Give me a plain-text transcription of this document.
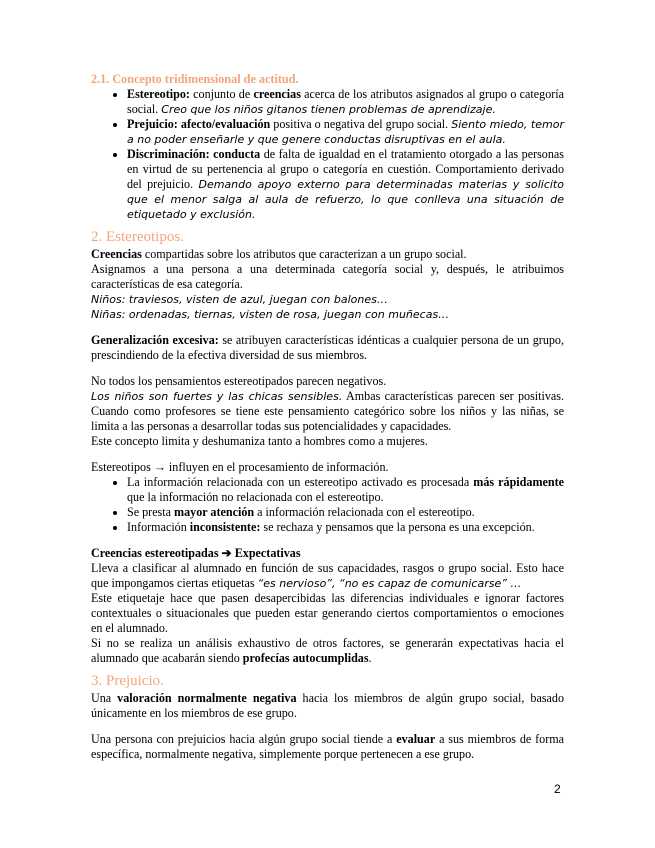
2.1. Concepto tridimensional de actitud.

• Estereotipo: conjunto de creencias acerca de los atributos asignados al grupo o categoría social. Creo que los niños gitanos tienen problemas de aprendizaje.
• Prejuicio: afecto/evaluación positiva o negativa del grupo social. Siento miedo, temor a no poder enseñarle y que genere conductas disruptivas en el aula.
• Discriminación: conducta de falta de igualdad en el tratamiento otorgado a las personas en virtud de su pertenencia al grupo o categoría en cuestión. Comportamiento derivado del prejuicio. Demando apoyo externo para determinadas materias y solicito que el menor salga al aula de refuerzo, lo que conlleva una situación de etiquetado y exclusión.

2. Estereotipos.

Creencias compartidas sobre los atributos que caracterizan a un grupo social.

Asignamos a una persona a una determinada categoría social y, después, le atribuimos características de esa categoría.

Niños: traviesos, visten de azul, juegan con balones…

Niñas: ordenadas, tiernas, visten de rosa, juegan con muñecas…

Generalización excesiva: se atribuyen características idénticas a cualquier persona de un grupo, prescindiendo de la efectiva diversidad de sus miembros.

No todos los pensamientos estereotipados parecen negativos.

Los niños son fuertes y las chicas sensibles. Ambas características parecen ser positivas. Cuando como profesores se tiene este pensamiento categórico sobre los niños y las niñas, se limita a las personas a desarrollar todas sus potencialidades y capacidades.

Este concepto limita y deshumaniza tanto a hombres como a mujeres.

Estereotipos → influyen en el procesamiento de información.

• La información relacionada con un estereotipo activado es procesada más rápidamente que la información no relacionada con el estereotipo.
• Se presta mayor atención a información relacionada con el estereotipo.
• Información inconsistente: se rechaza y pensamos que la persona es una excepción.

Creencias estereotipadas ➔ Expectativas

Lleva a clasificar al alumnado en función de sus capacidades, rasgos o grupo social. Esto hace que impongamos ciertas etiquetas “es nervioso”, “no es capaz de comunicarse” …

Este etiquetaje hace que pasen desapercibidas las diferencias individuales e ignorar factores contextuales o situacionales que pueden estar generando ciertos comportamientos o emociones en el alumnado.

Si no se realiza un análisis exhaustivo de otros factores, se generarán expectativas hacia el alumnado que acabarán siendo profecías autocumplidas.

3. Prejuicio.

Una valoración normalmente negativa hacia los miembros de algún grupo social, basado únicamente en los miembros de ese grupo.

Una persona con prejuicios hacia algún grupo social tiende a evaluar a sus miembros de forma específica, normalmente negativa, simplemente porque pertenecen a ese grupo.

2
